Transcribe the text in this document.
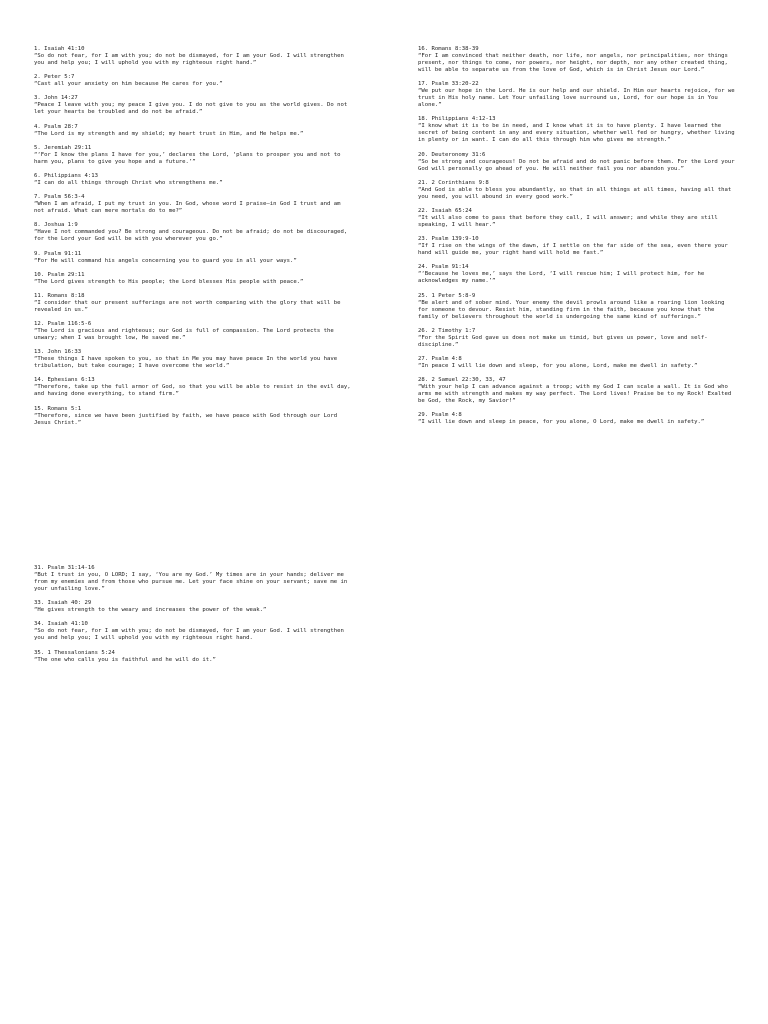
1. Isaiah 41:10
“So do not fear, for I am with you; do not be dismayed, for I am your God. I will strengthen you and help you; I will uphold you with my righteous right hand.”
2. Peter 5:7
“Cast all your anxiety on him because He cares for you.”
3. John 14:27
“Peace I leave with you; my peace I give you. I do not give to you as the world gives. Do not let your hearts be troubled and do not be afraid.”
4. Psalm 28:7
“The Lord is my strength and my shield; my heart trust in Him, and He helps me.”
5. Jeremiah 29:11
“‘For I know the plans I have for you,’ declares the Lord, ‘plans to prosper you and not to harm you, plans to give you hope and a future.’”
6. Philippians 4:13
“I can do all things through Christ who strengthens me.”
7. Psalm 56:3-4
“When I am afraid, I put my trust in you. In God, whose word I praise—in God I trust and am not afraid. What can mere mortals do to me?”
8. Joshua 1:9
“Have I not commanded you? Be strong and courageous. Do not be afraid; do not be discouraged, for the Lord your God will be with you wherever you go.”
9. Psalm 91:11
“For He will command his angels concerning you to guard you in all your ways.”
10. Psalm 29:11
“The Lord gives strength to His people; the Lord blesses His people with peace.”
11. Romans 8:18
“I consider that our present sufferings are not worth comparing with the glory that will be revealed in us.”
12. Psalm 116:5-6
“The Lord is gracious and righteous; our God is full of compassion. The Lord protects the unwary; when I was brought low, He saved me.”
13. John 16:33
“These things I have spoken to you, so that in Me you may have peace In the world you have tribulation, but take courage; I have overcome the world.”
14. Ephesians 6:13
“Therefore, take up the full armor of God, so that you will be able to resist in the evil day, and having done everything, to stand firm.”
15. Romans 5:1
“Therefore, since we have been justified by faith, we have peace with God through our Lord Jesus Christ.”
16. Romans 8:38-39
“For I am convinced that neither death, nor life, nor angels, nor principalities, nor things present, nor things to come, nor powers, nor height, nor depth, nor any other created thing, will be able to separate us from the love of God, which is in Christ Jesus our Lord.”
17. Psalm 33:20-22
“We put our hope in the Lord. He is our help and our shield. In Him our hearts rejoice, for we trust in His holy name. Let Your unfailing love surround us, Lord, for our hope is in You alone.”
18. Philippians 4:12-13
“I know what it is to be in need, and I know what it is to have plenty. I have learned the secret of being content in any and every situation, whether well fed or hungry, whether living in plenty or in want. I can do all this through him who gives me strength.”
20. Deuteronomy 31:6
“So be strong and courageous! Do not be afraid and do not panic before them. For the Lord your God will personally go ahead of you. He will neither fail you nor abandon you.”
21. 2 Corinthians 9:8
“And God is able to bless you abundantly, so that in all things at all times, having all that you need, you will abound in every good work.”
22. Isaiah 65:24
“It will also come to pass that before they call, I will answer; and while they are still speaking, I will hear.”
23. Psalm 139:9-10
“If I rise on the wings of the dawn, if I settle on the far side of the sea, even there your hand will guide me, your right hand will hold me fast.”
24. Psalm 91:14
“‘Because he loves me,’ says the Lord, ‘I will rescue him; I will protect him, for he acknowledges my name.’”
25. 1 Peter 5:8-9
“Be alert and of sober mind. Your enemy the devil prowls around like a roaring lion looking for someone to devour. Resist him, standing firm in the faith, because you know that the family of believers throughout the world is undergoing the same kind of sufferings.”
26. 2 Timothy 1:7
“For the Spirit God gave us does not make us timid, but gives us power, love and self-discipline.”
27. Psalm 4:8
“In peace I will lie down and sleep, for you alone, Lord, make me dwell in safety.”
28. 2 Samuel 22:30, 33, 47
“With your help I can advance against a troop; with my God I can scale a wall. It is God who arms me with strength and makes my way perfect. The Lord lives! Praise be to my Rock! Exalted be God, the Rock, my Savior!”
29. Psalm 4:8
“I will lie down and sleep in peace, for you alone, O Lord, make me dwell in safety.”
31. Psalm 31:14-16
“But I trust in you, O LORD; I say, ‘You are my God.’ My times are in your hands; deliver me from my enemies and from those who pursue me. Let your face shine on your servant; save me in your unfailing love.”
33. Isaiah 40: 29
“He gives strength to the weary and increases the power of the weak.”
34. Isaiah 41:10
“So do not fear, for I am with you; do not be dismayed, for I am your God. I will strengthen you and help you; I will uphold you with my righteous right hand.
35. 1 Thessalonians 5:24
“The one who calls you is faithful and he will do it.”
